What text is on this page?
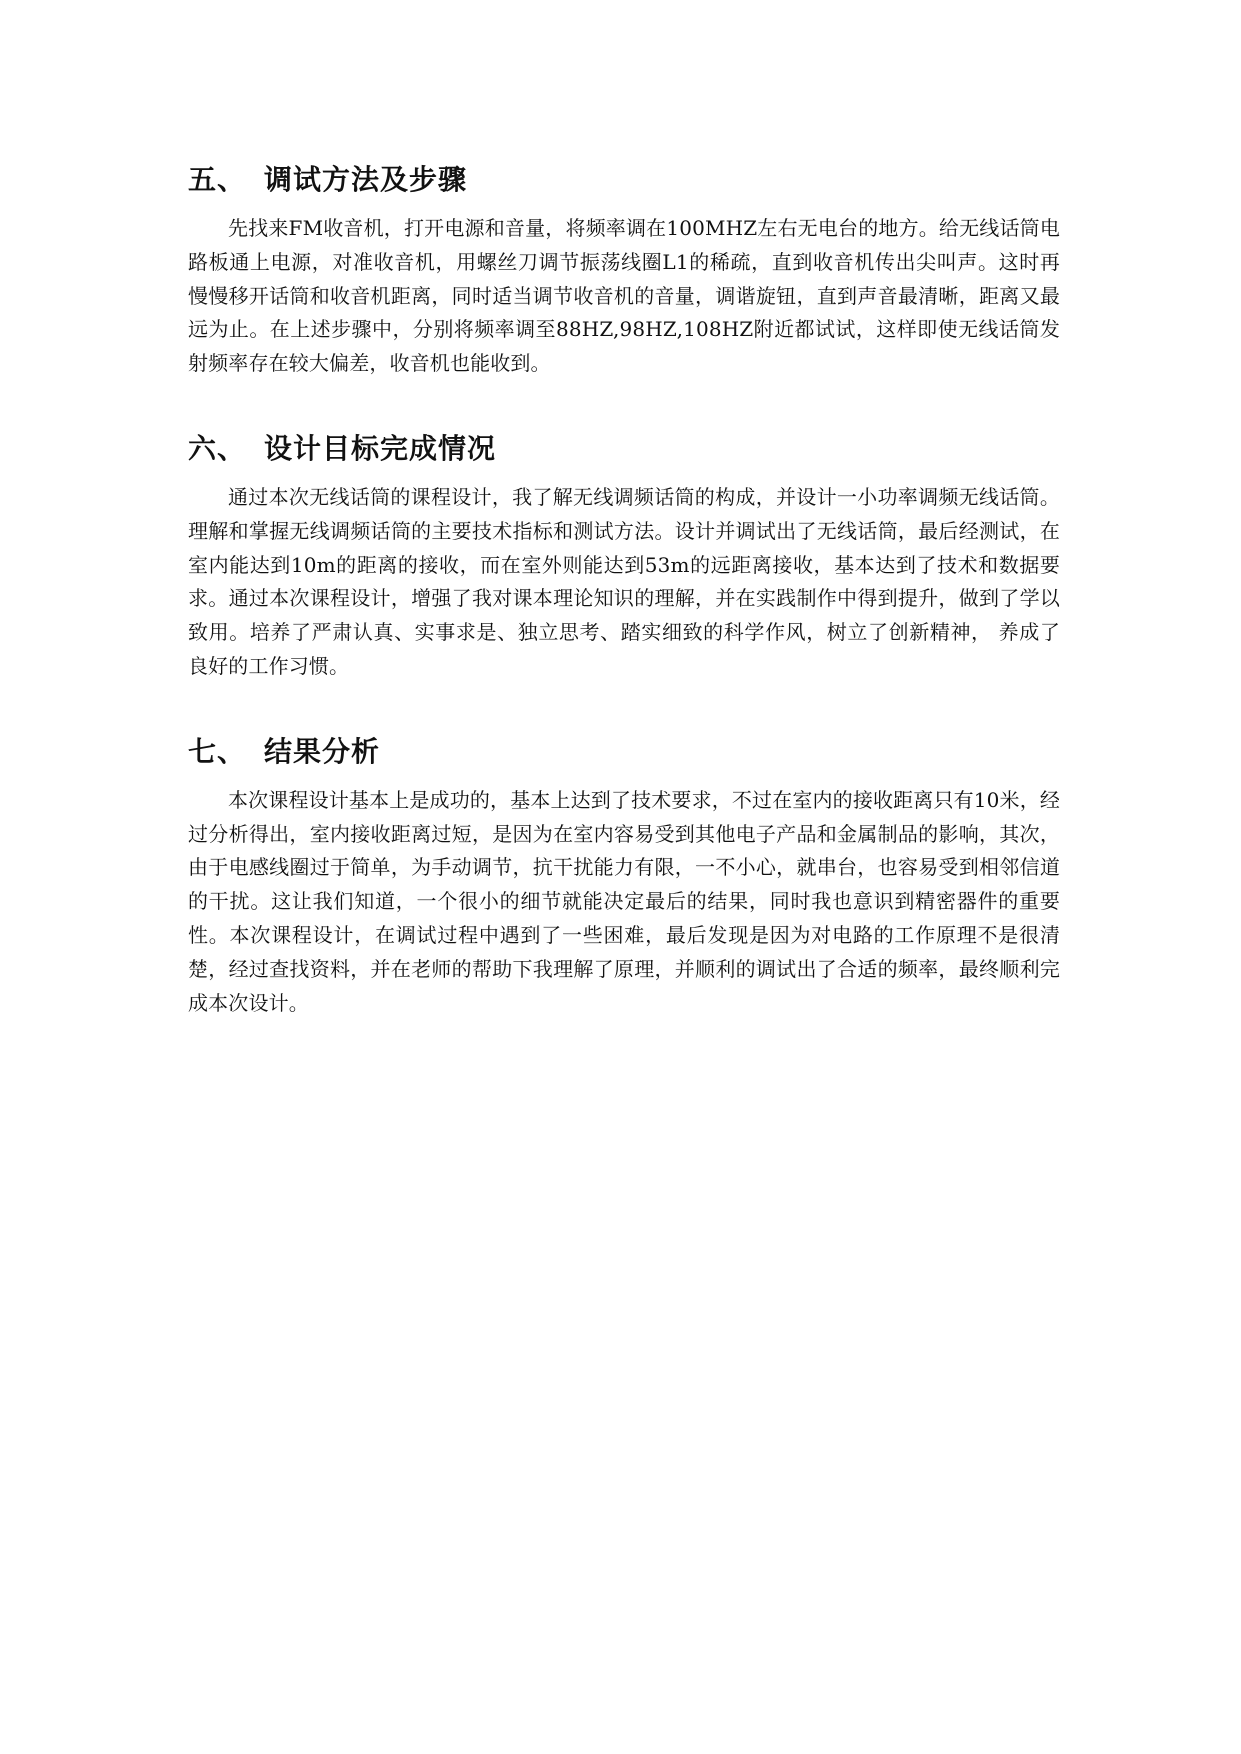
五、 调试方法及步骤

先找来FM收音机，打开电源和音量，将频率调在100MHZ左右无电台的地方。给无线话筒电路板通上电源，对准收音机，用螺丝刀调节振荡线圈L1的稀疏，直到收音机传出尖叫声。这时再慢慢移开话筒和收音机距离，同时适当调节收音机的音量，调谐旋钮，直到声音最清晰，距离又最远为止。在上述步骤中，分别将频率调至88HZ,98HZ,108HZ附近都试试，这样即使无线话筒发射频率存在较大偏差，收音机也能收到。

六、 设计目标完成情况

通过本次无线话筒的课程设计，我了解无线调频话筒的构成，并设计一小功率调频无线话筒。理解和掌握无线调频话筒的主要技术指标和测试方法。设计并调试出了无线话筒，最后经测试，在室内能达到10m的距离的接收，而在室外则能达到53m的远距离接收，基本达到了技术和数据要求。通过本次课程设计，增强了我对课本理论知识的理解，并在实践制作中得到提升，做到了学以致用。培养了严肃认真、实事求是、独立思考、踏实细致的科学作风，树立了创新精神， 养成了良好的工作习惯。

七、 结果分析

本次课程设计基本上是成功的，基本上达到了技术要求，不过在室内的接收距离只有10米，经过分析得出，室内接收距离过短，是因为在室内容易受到其他电子产品和金属制品的影响，其次，由于电感线圈过于简单，为手动调节，抗干扰能力有限，一不小心，就串台，也容易受到相邻信道的干扰。这让我们知道，一个很小的细节就能决定最后的结果，同时我也意识到精密器件的重要性。本次课程设计，在调试过程中遇到了一些困难，最后发现是因为对电路的工作原理不是很清楚，经过查找资料，并在老师的帮助下我理解了原理，并顺利的调试出了合适的频率，最终顺利完成本次设计。
